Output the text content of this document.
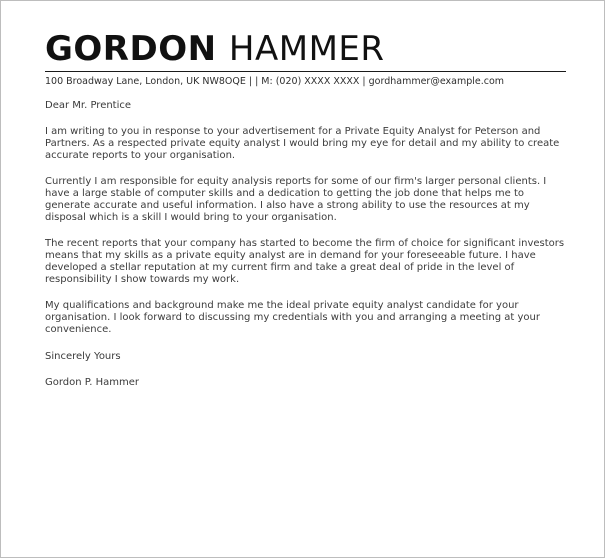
GORDON HAMMER
100 Broadway Lane, London, UK NW8OQE | | M: (020) XXXX XXXX | gordhammer@example.com
Dear Mr. Prentice

I am writing to you in response to your advertisement for a Private Equity Analyst for Peterson and Partners. As a respected private equity analyst I would bring my eye for detail and my ability to create accurate reports to your organisation.

Currently I am responsible for equity analysis reports for some of our firm's larger personal clients. I have a large stable of computer skills and a dedication to getting the job done that helps me to generate accurate and useful information. I also have a strong ability to use the resources at my disposal which is a skill I would bring to your organisation.

The recent reports that your company has started to become the firm of choice for significant investors means that my skills as a private equity analyst are in demand for your foreseeable future. I have developed a stellar reputation at my current firm and take a great deal of pride in the level of responsibility I show towards my work.

My qualifications and background make me the ideal private equity analyst candidate for your organisation. I look forward to discussing my credentials with you and arranging a meeting at your convenience.

Sincerely Yours
Gordon P. Hammer
